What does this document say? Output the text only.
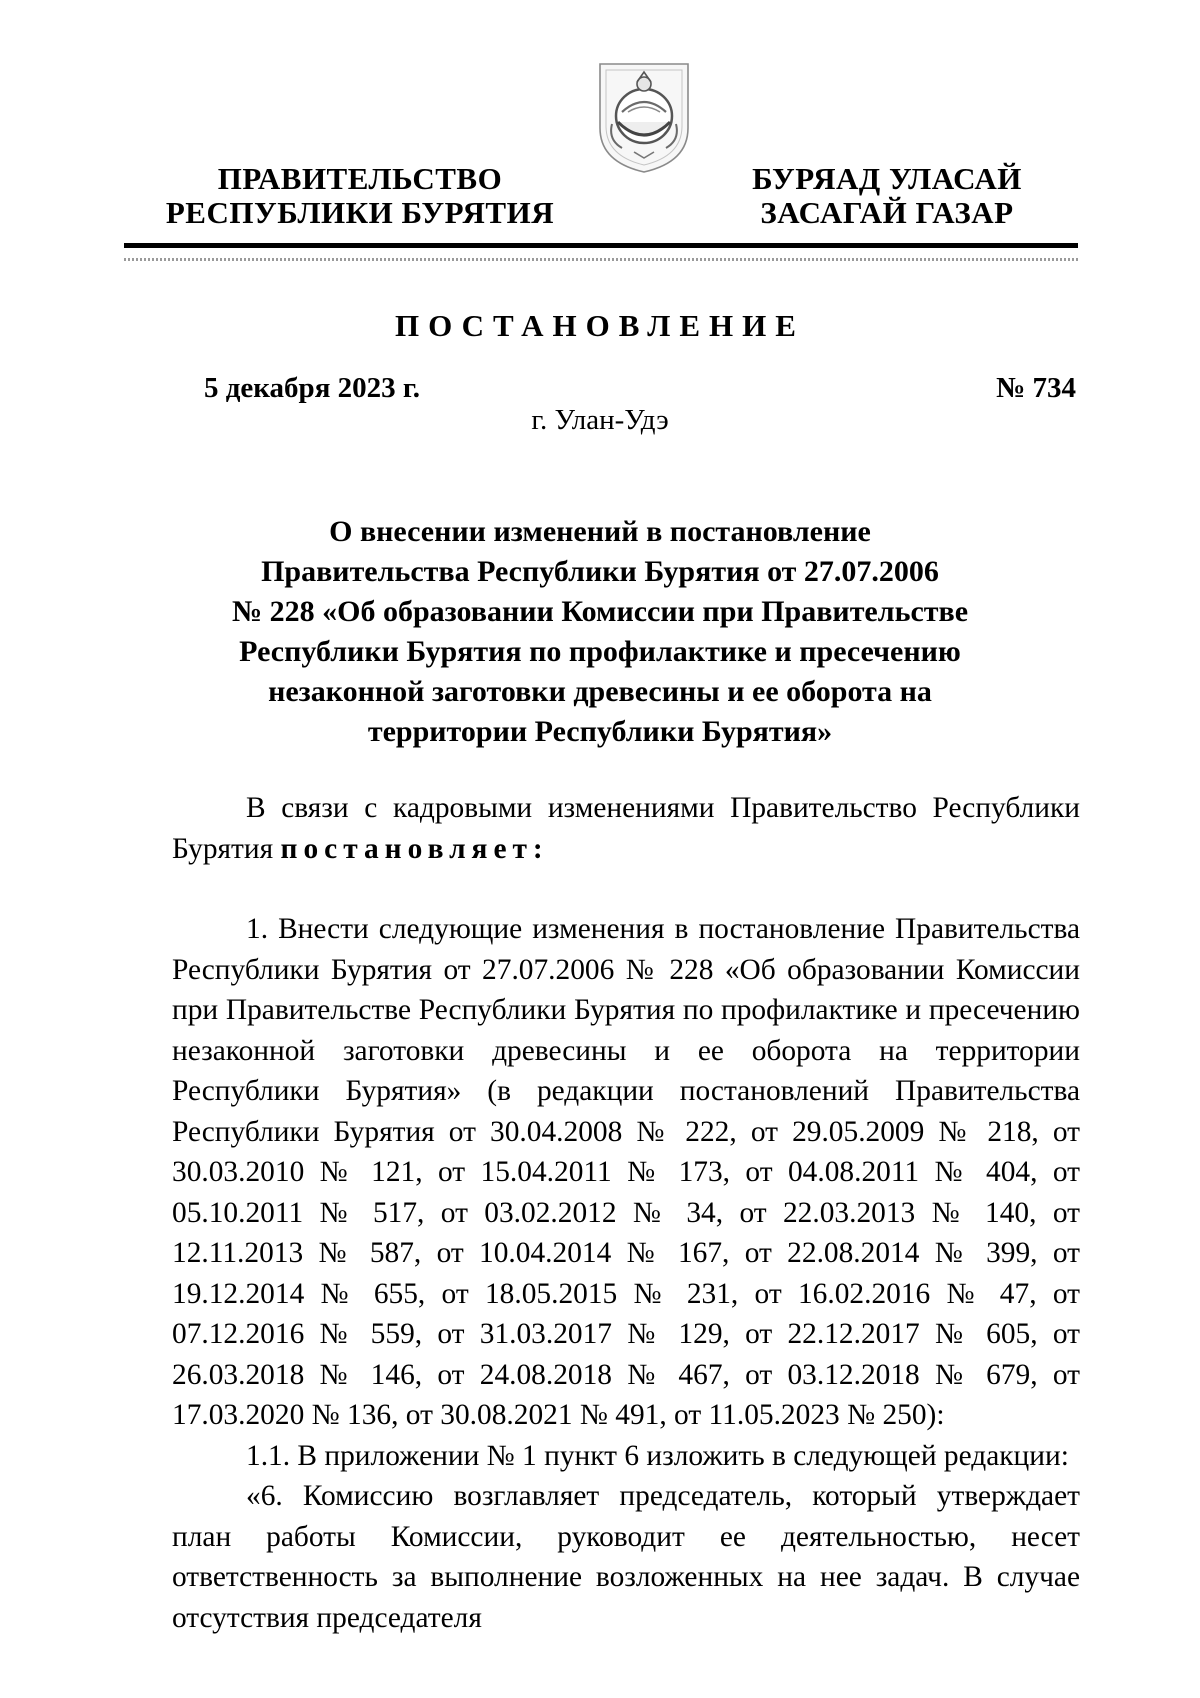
ПРАВИТЕЛЬСТВО
РЕСПУБЛИКИ БУРЯТИЯ
БУРЯАД УЛАСАЙ
ЗАСАГАЙ ГАЗАР
ПОСТАНОВЛЕНИЕ
5 декабря 2023 г.	№ 734
г. Улан-Удэ
О внесении изменений в постановление
Правительства Республики Бурятия от 27.07.2006
№ 228 «Об образовании Комиссии при Правительстве
Республики Бурятия по профилактике и пресечению
незаконной заготовки древесины и ее оборота на
территории Республики Бурятия»

В связи с кадровыми изменениями Правительство Республики Бурятия постановляет:

1. Внести следующие изменения в постановление Правительства Республики Бурятия от 27.07.2006 № 228 «Об образовании Комиссии при Правительстве Республики Бурятия по профилактике и пресечению незаконной заготовки древесины и ее оборота на территории Республики Бурятия» (в редакции постановлений Правительства Республики Бурятия от 30.04.2008 № 222, от 29.05.2009 № 218, от 30.03.2010 № 121, от 15.04.2011 № 173, от 04.08.2011 № 404, от 05.10.2011 № 517, от 03.02.2012 № 34, от 22.03.2013 № 140, от 12.11.2013 № 587, от 10.04.2014 № 167, от 22.08.2014 № 399, от 19.12.2014 № 655, от 18.05.2015 № 231, от 16.02.2016 № 47, от 07.12.2016 № 559, от 31.03.2017 № 129, от 22.12.2017 № 605, от 26.03.2018 № 146, от 24.08.2018 № 467, от 03.12.2018 № 679, от 17.03.2020 № 136, от 30.08.2021 № 491, от 11.05.2023 № 250):

1.1. В приложении № 1 пункт 6 изложить в следующей редакции:

«6. Комиссию возглавляет председатель, который утверждает план работы Комиссии, руководит ее деятельностью, несет ответственность за выполнение возложенных на нее задач. В случае отсутствия председателя
